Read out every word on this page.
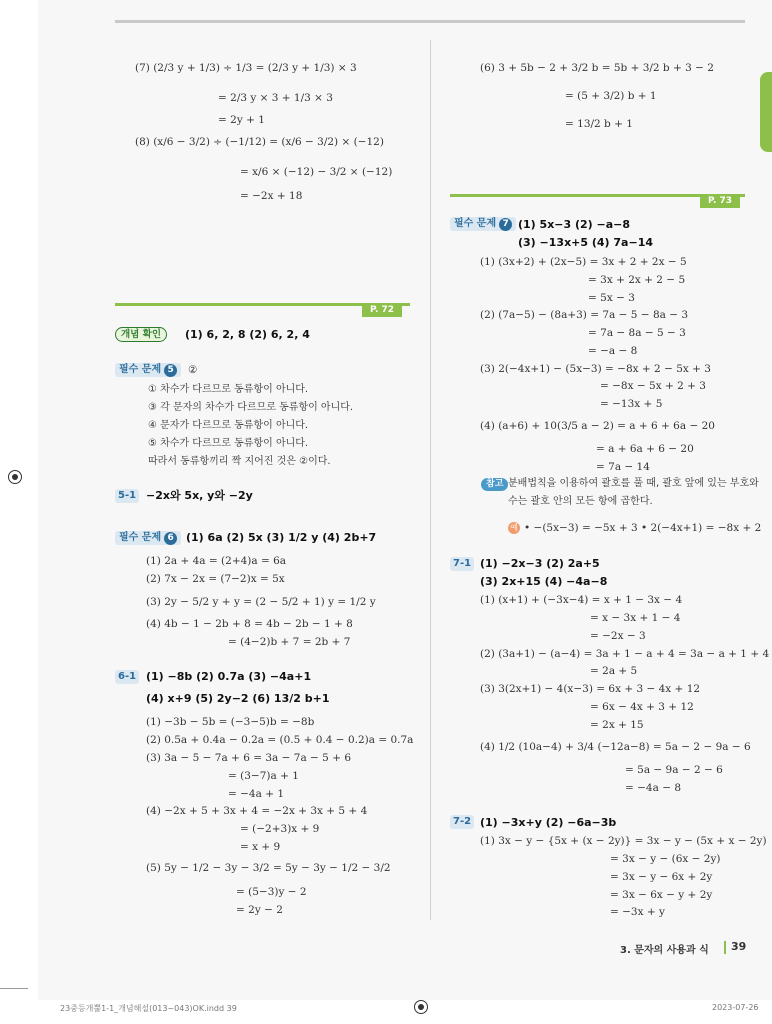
(7) (2/3 y + 1/3) ÷ 1/3 = (2/3 y + 1/3) × 3
= 2/3 y × 3 + 1/3 × 3
= 2y + 1
(8) (x/6 − 3/2) ÷ (−1/12) = (x/6 − 3/2) × (−12)
= x/6 × (−12) − 3/2 × (−12)
= −2x + 18
(6) 3 + 5b − 2 + 3/2 b = 5b + 3/2 b + 3 − 2
= (5 + 3/2) b + 1
= 13/2 b + 1
P. 72
P. 73
개념 확인	(1) 6, 2, 8 (2) 6, 2, 4
필수 문제 5	②
① 차수가 다르므로 동류항이 아니다.
③ 각 문자의 차수가 다르므로 동류항이 아니다.
④ 문자가 다르므로 동류항이 아니다.
⑤ 차수가 다르므로 동류항이 아니다.
따라서 동류항끼리 짝 지어진 것은 ②이다.
5-1 −2x와 5x, y와 −2y
필수 문제 6	(1) 6a (2) 5x (3) 1/2 y (4) 2b+7
(1) 2a + 4a = (2+4)a = 6a
(2) 7x − 2x = (7−2)x = 5x
(3) 2y − 5/2 y + y = (2 − 5/2 + 1) y = 1/2 y
(4) 4b − 1 − 2b + 8 = 4b − 2b − 1 + 8
= (4−2)b + 7 = 2b + 7
6-1 (1) −8b (2) 0.7a (3) −4a+1
(4) x+9 (5) 2y−2 (6) 13/2 b+1
(1) −3b − 5b = (−3−5)b = −8b
(2) 0.5a + 0.4a − 0.2a = (0.5 + 0.4 − 0.2)a = 0.7a
(3) 3a − 5 − 7a + 6 = 3a − 7a − 5 + 6
= (3−7)a + 1
= −4a + 1
(4) −2x + 5 + 3x + 4 = −2x + 3x + 5 + 4
= (−2+3)x + 9
= x + 9
(5) 5y − 1/2 − 3y − 3/2 = 5y − 3y − 1/2 − 3/2
= (5−3)y − 2
= 2y − 2
필수 문제 7 (1) 5x−3 (2) −a−8
(3) −13x+5 (4) 7a−14
(1) (3x+2) + (2x−5) = 3x + 2 + 2x − 5
= 3x + 2x + 2 − 5
= 5x − 3
(2) (7a−5) − (8a+3) = 7a − 5 − 8a − 3
= 7a − 8a − 5 − 3
= −a − 8
(3) 2(−4x+1) − (5x−3) = −8x + 2 − 5x + 3
= −8x − 5x + 2 + 3
= −13x + 5
(4) (a+6) + 10(3/5 a − 2) = a + 6 + 6a − 20
= a + 6a + 6 − 20
= 7a − 14
참고 분배법칙을 이용하여 괄호를 풀 때, 괄호 앞에 있는 부호와
수는 괄호 안의 모든 항에 곱한다.
예 • −(5x−3) = −5x + 3 • 2(−4x+1) = −8x + 2
7-1 (1) −2x−3 (2) 2a+5
(3) 2x+15 (4) −4a−8
(1) (x+1) + (−3x−4) = x + 1 − 3x − 4
= x − 3x + 1 − 4
= −2x − 3
(2) (3a+1) − (a−4) = 3a + 1 − a + 4 = 3a − a + 1 + 4
= 2a + 5
(3) 3(2x+1) − 4(x−3) = 6x + 3 − 4x + 12
= 6x − 4x + 3 + 12
= 2x + 15
(4) 1/2 (10a−4) + 3/4 (−12a−8) = 5a − 2 − 9a − 6
= 5a − 9a − 2 − 6
= −4a − 8
7-2 (1) −3x+y (2) −6a−3b
(1) 3x − y − {5x + (x − 2y)} = 3x − y − (5x + x − 2y)
= 3x − y − (6x − 2y)
= 3x − y − 6x + 2y
= 3x − 6x − y + 2y
= −3x + y
3. 문자의 사용과 식 39
23중등개뿔1-1_개념해설(013~043)OK.indd 39	2023-07-26
